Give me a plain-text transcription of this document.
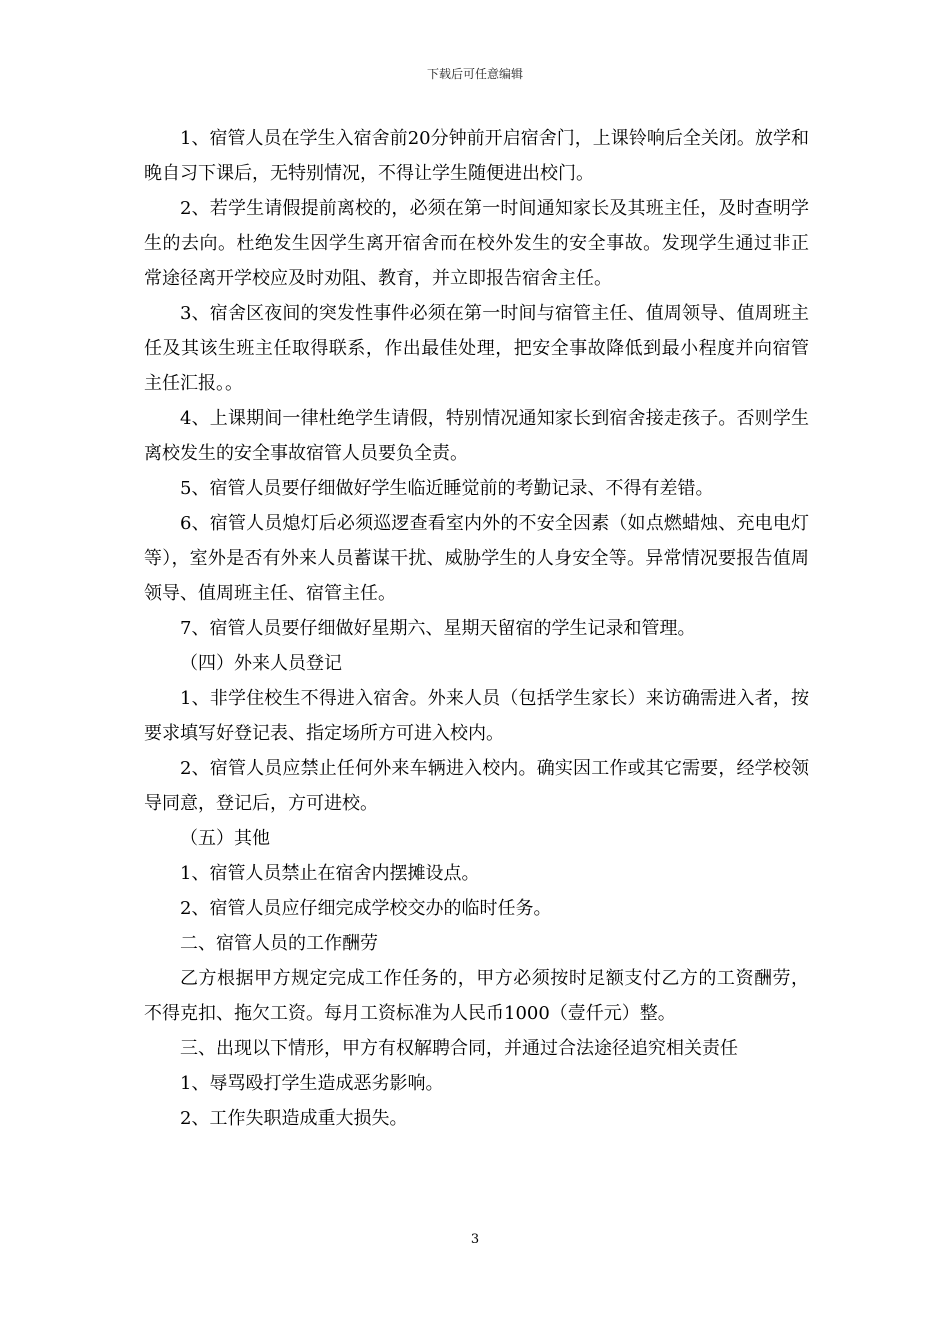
下载后可任意编辑

1、宿管人员在学生入宿舍前20分钟前开启宿舍门，上课铃响后全关闭。放学和晚自习下课后，无特别情况，不得让学生随便进出校门。

2、若学生请假提前离校的，必须在第一时间通知家长及其班主任，及时查明学生的去向。杜绝发生因学生离开宿舍而在校外发生的安全事故。发现学生通过非正常途径离开学校应及时劝阻、教育，并立即报告宿舍主任。

3、宿舍区夜间的突发性事件必须在第一时间与宿管主任、值周领导、值周班主任及其该生班主任取得联系，作出最佳处理，把安全事故降低到最小程度并向宿管主任汇报。。

4、上课期间一律杜绝学生请假，特别情况通知家长到宿舍接走孩子。否则学生离校发生的安全事故宿管人员要负全责。

5、宿管人员要仔细做好学生临近睡觉前的考勤记录、不得有差错。

6、宿管人员熄灯后必须巡逻查看室内外的不安全因素（如点燃蜡烛、充电电灯等），室外是否有外来人员蓄谋干扰、威胁学生的人身安全等。异常情况要报告值周领导、值周班主任、宿管主任。

7、宿管人员要仔细做好星期六、星期天留宿的学生记录和管理。

（四）外来人员登记

1、非学住校生不得进入宿舍。外来人员（包括学生家长）来访确需进入者，按要求填写好登记表、指定场所方可进入校内。

2、宿管人员应禁止任何外来车辆进入校内。确实因工作或其它需要，经学校领导同意，登记后，方可进校。

（五）其他

1、宿管人员禁止在宿舍内摆摊设点。

2、宿管人员应仔细完成学校交办的临时任务。

二、宿管人员的工作酬劳

乙方根据甲方规定完成工作任务的，甲方必须按时足额支付乙方的工资酬劳，不得克扣、拖欠工资。每月工资标准为人民币1000（壹仟元）整。

三、出现以下情形，甲方有权解聘合同，并通过合法途径追究相关责任

1、辱骂殴打学生造成恶劣影响。

2、工作失职造成重大损失。

3
